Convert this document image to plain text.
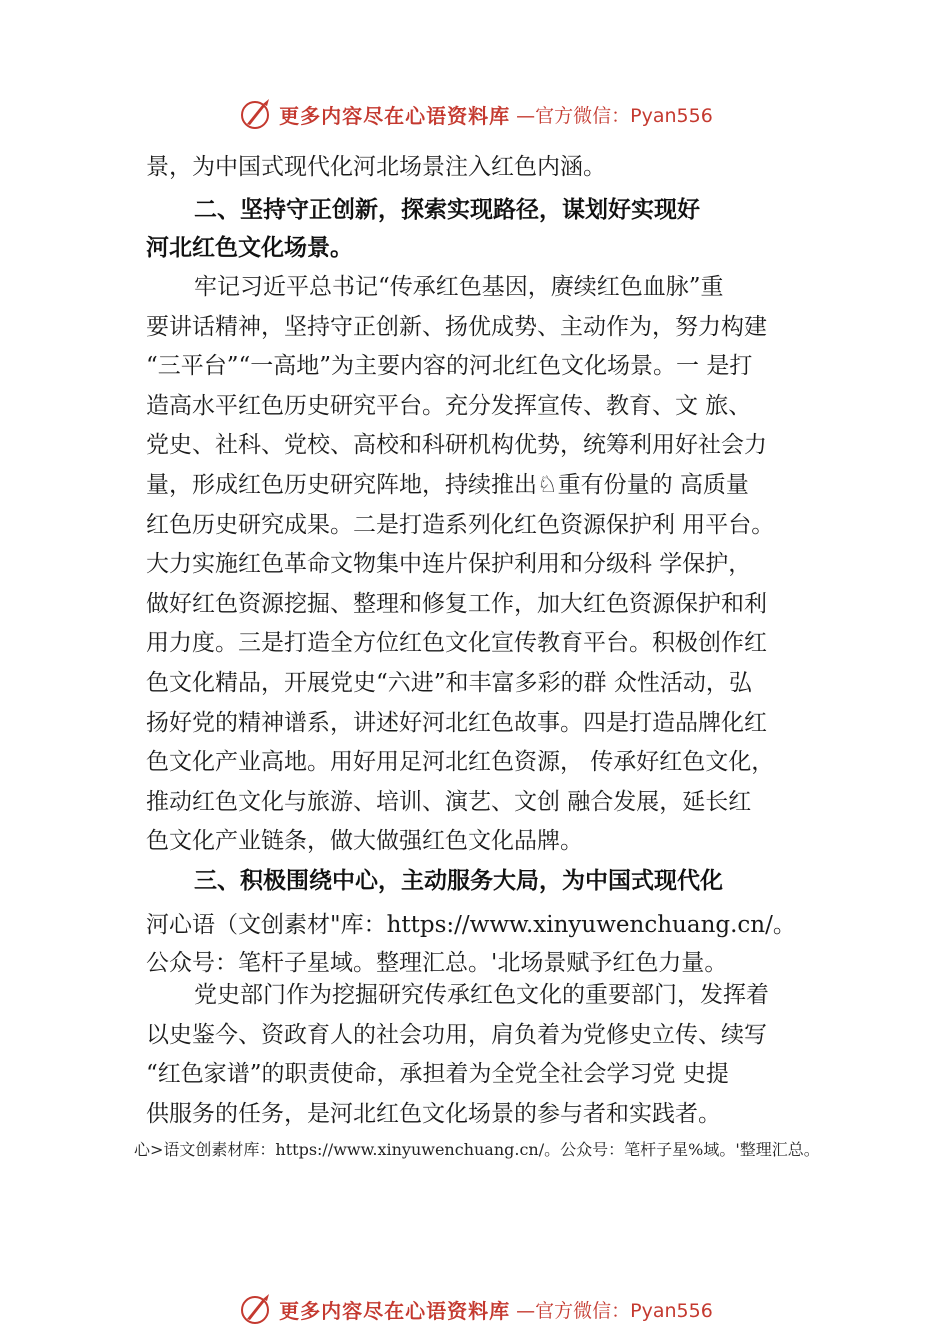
更多内容尽在心语资料库 —官方微信：Pyan556
景，为中国式现代化河北场景注入红色内涵。
二、坚持守正创新，探索实现路径，谋划好实现好
河北红色文化场景。
牢记习近平总书记“传承红色基因，赓续红色血脉”重
要讲话精神，坚持守正创新、扬优成势、主动作为，努力构建
“三平台”“一高地”为主要内容的河北红色文化场景。一 是打
造高水平红色历史研究平台。充分发挥宣传、教育、文 旅、
党史、社科、党校、高校和科研机构优势，统筹利用好社会力
量，形成红色历史研究阵地，持续推出♘重有份量的 高质量
红色历史研究成果。二是打造系列化红色资源保护利 用平台。
大力实施红色革命文物集中连片保护利用和分级科 学保护，
做好红色资源挖掘、整理和修复工作，加大红色资源保护和利
用力度。三是打造全方位红色文化宣传教育平台。积极创作红
色文化精品，开展党史“六进”和丰富多彩的群 众性活动，弘
扬好党的精神谱系，讲述好河北红色故事。四是打造品牌化红
色文化产业高地。用好用足河北红色资源， 传承好红色文化，
推动红色文化与旅游、培训、演艺、文创 融合发展，延长红
色文化产业链条，做大做强红色文化品牌。
三、积极围绕中心，主动服务大局，为中国式现代化
河心语（文创素材"库：https://www.xinyuwenchuang.cn/。
公众号：笔杆子星域。整理汇总。'北场景赋予红色力量。
党史部门作为挖掘研究传承红色文化的重要部门，发挥着
以史鉴今、资政育人的社会功用，肩负着为党修史立传、续写
“红色家谱”的职责使命，承担着为全党全社会学习党 史提
供服务的任务，是河北红色文化场景的参与者和实践者。
心>语文创素材库：https://www.xinyuwenchuang.cn/。公众号：笔杆子星%域。'整理汇总。
更多内容尽在心语资料库 —官方微信：Pyan556
